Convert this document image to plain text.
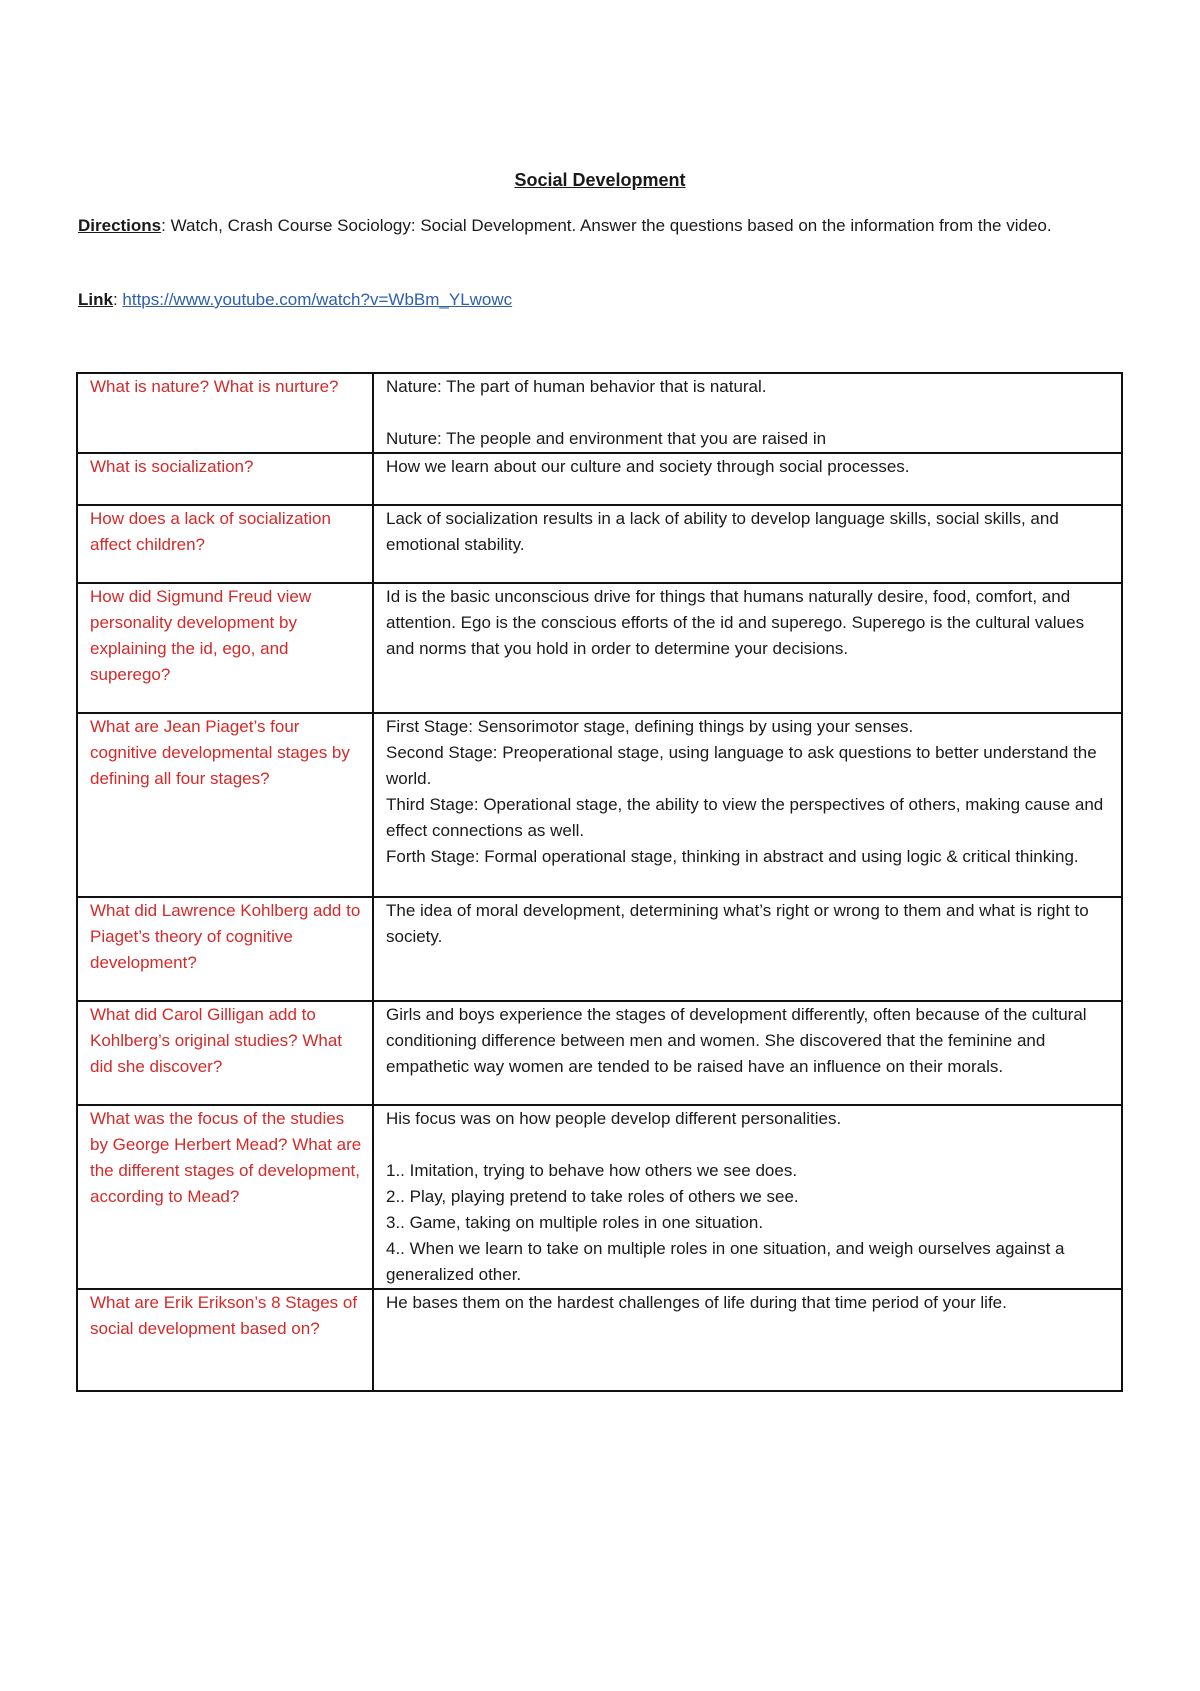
Social Development
Directions: Watch, Crash Course Sociology: Social Development. Answer the questions based on the information from the video.
Link: https://www.youtube.com/watch?v=WbBm_YLwowc
What is nature? What is nurture?	Nature: The part of human behavior that is natural.
Nuture: The people and environment that you are raised in

What is socialization?	How we learn about our culture and society through social processes.

How does a lack of socialization affect children?	Lack of socialization results in a lack of ability to develop language skills, social skills, and emotional stability.

How did Sigmund Freud view personality development by explaining the id, ego, and superego?	Id is the basic unconscious drive for things that humans naturally desire, food, comfort, and attention. Ego is the conscious efforts of the id and superego. Superego is the cultural values and norms that you hold in order to determine your decisions.

What are Jean Piaget’s four cognitive developmental stages by defining all four stages?	First Stage: Sensorimotor stage, defining things by using your senses.
Second Stage: Preoperational stage, using language to ask questions to better understand the world.
Third Stage: Operational stage, the ability to view the perspectives of others, making cause and effect connections as well.
Forth Stage: Formal operational stage, thinking in abstract and using logic & critical thinking.

What did Lawrence Kohlberg add to Piaget’s theory of cognitive development?	The idea of moral development, determining what’s right or wrong to them and what is right to society.

What did Carol Gilligan add to Kohlberg’s original studies? What did she discover?	Girls and boys experience the stages of development differently, often because of the cultural conditioning difference between men and women. She discovered that the feminine and empathetic way women are tended to be raised have an influence on their morals.

What was the focus of the studies by George Herbert Mead? What are the different stages of development, according to Mead?	His focus was on how people develop different personalities.
1.. Imitation, trying to behave how others we see does.
2.. Play, playing pretend to take roles of others we see.
3.. Game, taking on multiple roles in one situation.
4.. When we learn to take on multiple roles in one situation, and weigh ourselves against a generalized other.

What are Erik Erikson’s 8 Stages of social development based on?	He bases them on the hardest challenges of life during that time period of your life.
